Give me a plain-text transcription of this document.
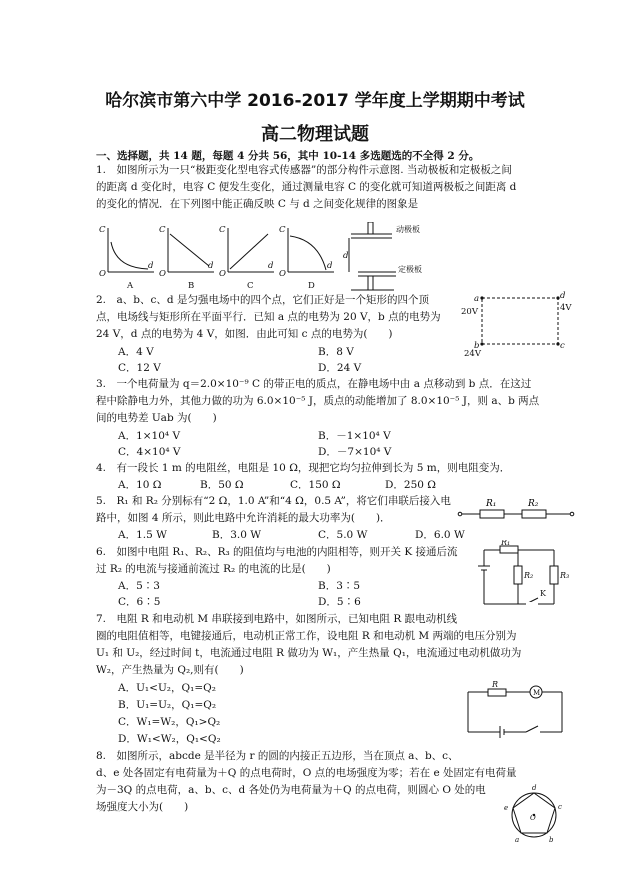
哈尔滨市第六中学 2016-2017 学年度上学期期中考试
高二物理试题
一、选择题，共 14 题，每题 4 分共 56，其中 10-14 多选题选的不全得 2 分。
1.　如图所示为一只“极距变化型电容式传感器”的部分构件示意图. 当动极板和定极板之间
的距离 d 变化时，电容 C 便发生变化，通过测量电容 C 的变化就可知道两极板之间距离 d
的变化的情况．在下列图中能正确反映 C 与 d 之间变化规律的图象是
C
O
d
A
C
O
d
B
C
O
d
C
C
O
d
D
动极板
定极板
d
2.　a、b、c、d 是匀强电场中的四个点，它们正好是一个矩形的四个顶
点，电场线与矩形所在平面平行．已知 a 点的电势为 20 V，b 点的电势为
24 V，d 点的电势为 4 V，如图．由此可知 c 点的电势为(　　)
A．4 V	B．8 V
C．12 V	D．24 V
a	d
b	c
20V	4V
24V
3.　一个电荷量为 q＝2.0×10⁻⁹ C 的带正电的质点，在静电场中由 a 点移动到 b 点．在这过
程中除静电力外，其他力做的功为 6.0×10⁻⁵ J，质点的动能增加了 8.0×10⁻⁵ J，则 a、b 两点
间的电势差 Uab 为(　　)
A．1×10⁴ V	B．－1×10⁴ V
C．4×10⁴ V	D．－7×10⁴ V
4.　有一段长 1 m 的电阻丝，电阻是 10 Ω，现把它均匀拉伸到长为 5 m，则电阻变为．
A．10 Ω	B．50 Ω	C．150 Ω	D．250 Ω
5.　R₁ 和 R₂ 分别标有“2 Ω，1.0 A”和“4 Ω，0.5 A”，将它们串联后接入电
路中，如图 4 所示，则此电路中允许消耗的最大功率为(　　)．
A．1.5 W	B．3.0 W	C．5.0 W	D．6.0 W
R₁	R₂
6.　如图中电阻 R₁、R₂、R₃ 的阻值均与电池的内阻相等，则开关 K 接通后流
过 R₂ 的电流与接通前流过 R₂ 的电流的比是(　　)
A．5∶3	B．3∶5
C．6∶5	D．5∶6
R₁
R₂	R₃
K
7.　电阻 R 和电动机 M 串联接到电路中，如图所示，已知电阻 R 跟电动机线
圈的电阻值相等，电键接通后，电动机正常工作，设电阻 R 和电动机 M 两端的电压分别为
U₁ 和 U₂，经过时间 t，电流通过电阻 R 做功为 W₁，产生热量 Q₁，电流通过电动机做功为
W₂，产生热量为 Q₂,则有(　　)
A．U₁<U₂，Q₁=Q₂
B．U₁=U₂，Q₁=Q₂
C．W₁=W₂，Q₁>Q₂
D．W₁<W₂，Q₁<Q₂
R
M
8.　如图所示，abcde 是半径为 r 的圆的内接正五边形，当在顶点 a、b、c、
d、e 处各固定有电荷量为＋Q 的点电荷时，O 点的电场强度为零；若在 e 处固定有电荷量
为－3Q 的点电荷，a、b、c、d 各处仍为电荷量为＋Q 的点电荷，则圆心 O 处的电
场强度大小为(　　)
d
c
b
a
e
O
